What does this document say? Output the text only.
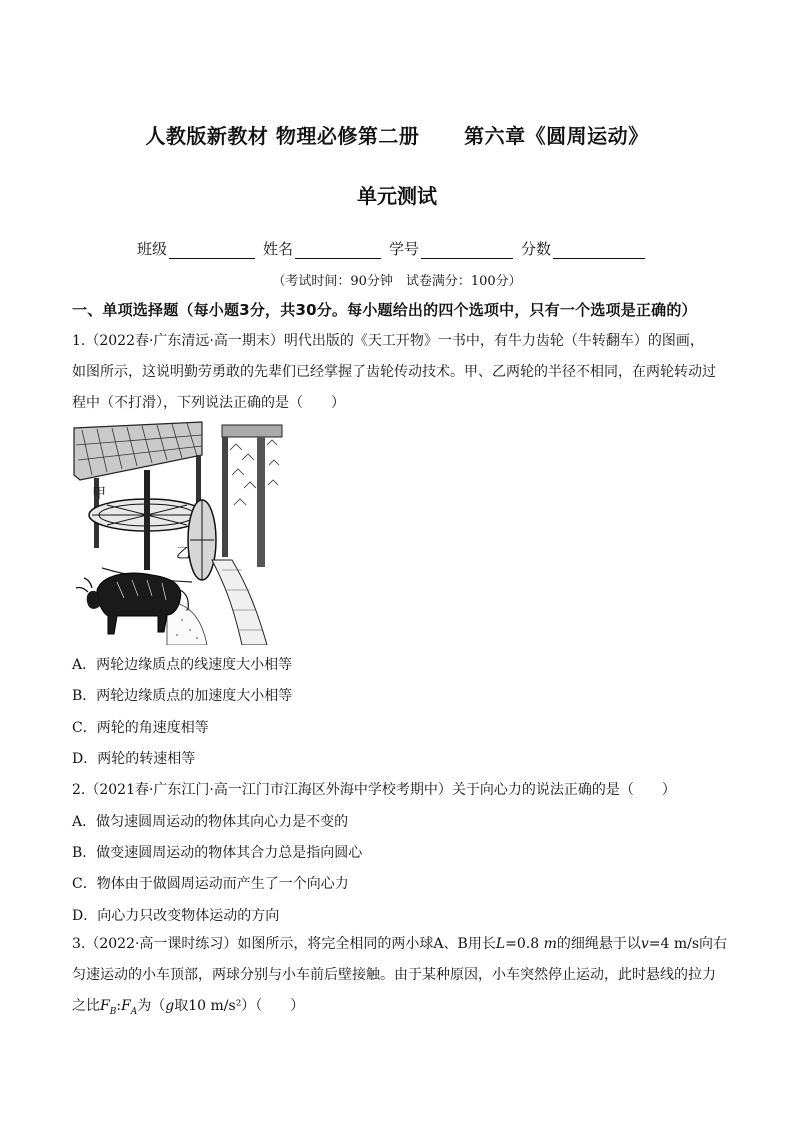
人教版新教材 物理必修第二册 第六章《圆周运动》
单元测试
班级	姓名	学号	分数
（考试时间：90分钟　试卷满分：100分）
一、单项选择题（每小题3分，共30分。每小题给出的四个选项中，只有一个选项是正确的）
1.（2022春·广东清远·高一期末）明代出版的《天工开物》一书中，有牛力齿轮（牛转翻车）的图画，
如图所示，这说明勤劳勇敢的先辈们已经掌握了齿轮传动技术。甲、乙两轮的半径不相同，在两轮转动过
程中（不打滑），下列说法正确的是（　　）
甲
乙
A．两轮边缘质点的线速度大小相等
B．两轮边缘质点的加速度大小相等
C．两轮的角速度相等
D．两轮的转速相等
2.（2021春·广东江门·高一江门市江海区外海中学校考期中）关于向心力的说法正确的是（　　）
A．做匀速圆周运动的物体其向心力是不变的
B．做变速圆周运动的物体其合力总是指向圆心
C．物体由于做圆周运动而产生了一个向心力
D．向心力只改变物体运动的方向
3.（2022·高一课时练习）如图所示，将完全相同的两小球A、B用长L=0.8 m的细绳悬于以v=4 m/s向右
匀速运动的小车顶部，两球分别与小车前后壁接触。由于某种原因，小车突然停止运动，此时悬线的拉力
之比$F_B:F_A$为（g取10 m/s²）（　　）
